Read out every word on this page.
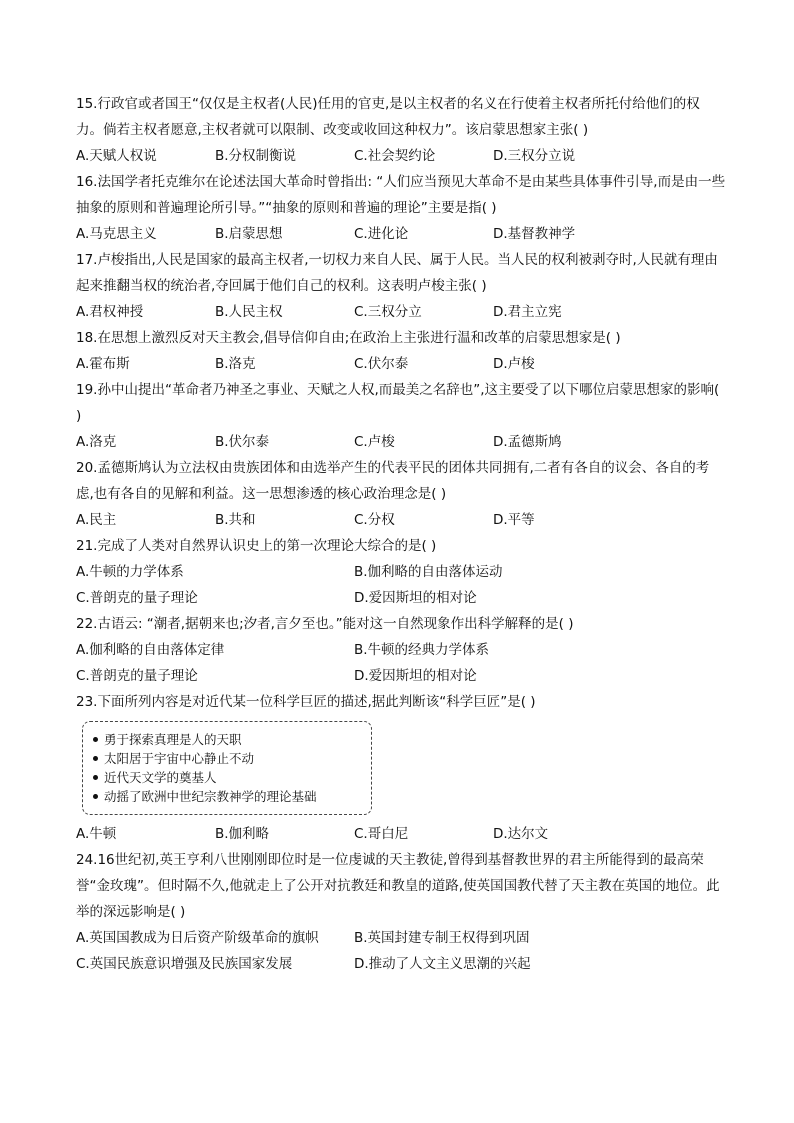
15.行政官或者国王“仅仅是主权者(人民)任用的官吏,是以主权者的名义在行使着主权者所托付给他们的权力。倘若主权者愿意,主权者就可以限制、改变或收回这种权力”。该启蒙思想家主张( )

A.天赋人权说	B.分权制衡说	C.社会契约论	D.三权分立说

16.法国学者托克维尔在论述法国大革命时曾指出: “人们应当预见大革命不是由某些具体事件引导,而是由一些抽象的原则和普遍理论所引导。”“抽象的原则和普遍的理论”主要是指( )

A.马克思主义	B.启蒙思想	C.进化论	D.基督教神学

17.卢梭指出,人民是国家的最高主权者,一切权力来自人民、属于人民。当人民的权利被剥夺时,人民就有理由起来推翻当权的统治者,夺回属于他们自己的权利。这表明卢梭主张( )

A.君权神授	B.人民主权	C.三权分立	D.君主立宪

18.在思想上激烈反对天主教会,倡导信仰自由;在政治上主张进行温和改革的启蒙思想家是( )

A.霍布斯	B.洛克	C.伏尔泰	D.卢梭

19.孙中山提出“革命者乃神圣之事业、天赋之人权,而最美之名辞也”,这主要受了以下哪位启蒙思想家的影响( )

A.洛克	B.伏尔泰	C.卢梭	D.孟德斯鸠

20.孟德斯鸠认为立法权由贵族团体和由选举产生的代表平民的团体共同拥有,二者有各自的议会、各自的考虑,也有各自的见解和利益。这一思想渗透的核心政治理念是( )

A.民主	B.共和	C.分权	D.平等

21.完成了人类对自然界认识史上的第一次理论大综合的是( )

A.牛顿的力学体系	B.伽利略的自由落体运动
C.普朗克的量子理论	D.爱因斯坦的相对论

22.古语云: “潮者,据朝来也;汐者,言夕至也。”能对这一自然现象作出科学解释的是( )

A.伽利略的自由落体定律	B.牛顿的经典力学体系
C.普朗克的量子理论	D.爱因斯坦的相对论

23.下面所列内容是对近代某一位科学巨匠的描述,据此判断该“科学巨匠”是( )

勇于探索真理是人的天职
太阳居于宇宙中心静止不动
近代天文学的奠基人
动摇了欧洲中世纪宗教神学的理论基础
A.牛顿	B.伽利略	C.哥白尼	D.达尔文

24.16世纪初,英王亨利八世刚刚即位时是一位虔诚的天主教徒,曾得到基督教世界的君主所能得到的最高荣誉“金玫瑰”。但时隔不久,他就走上了公开对抗教廷和教皇的道路,使英国国教代替了天主教在英国的地位。此举的深远影响是( )

A.英国国教成为日后资产阶级革命的旗帜	B.英国封建专制王权得到巩固
C.英国民族意识增强及民族国家发展	D.推动了人文主义思潮的兴起
